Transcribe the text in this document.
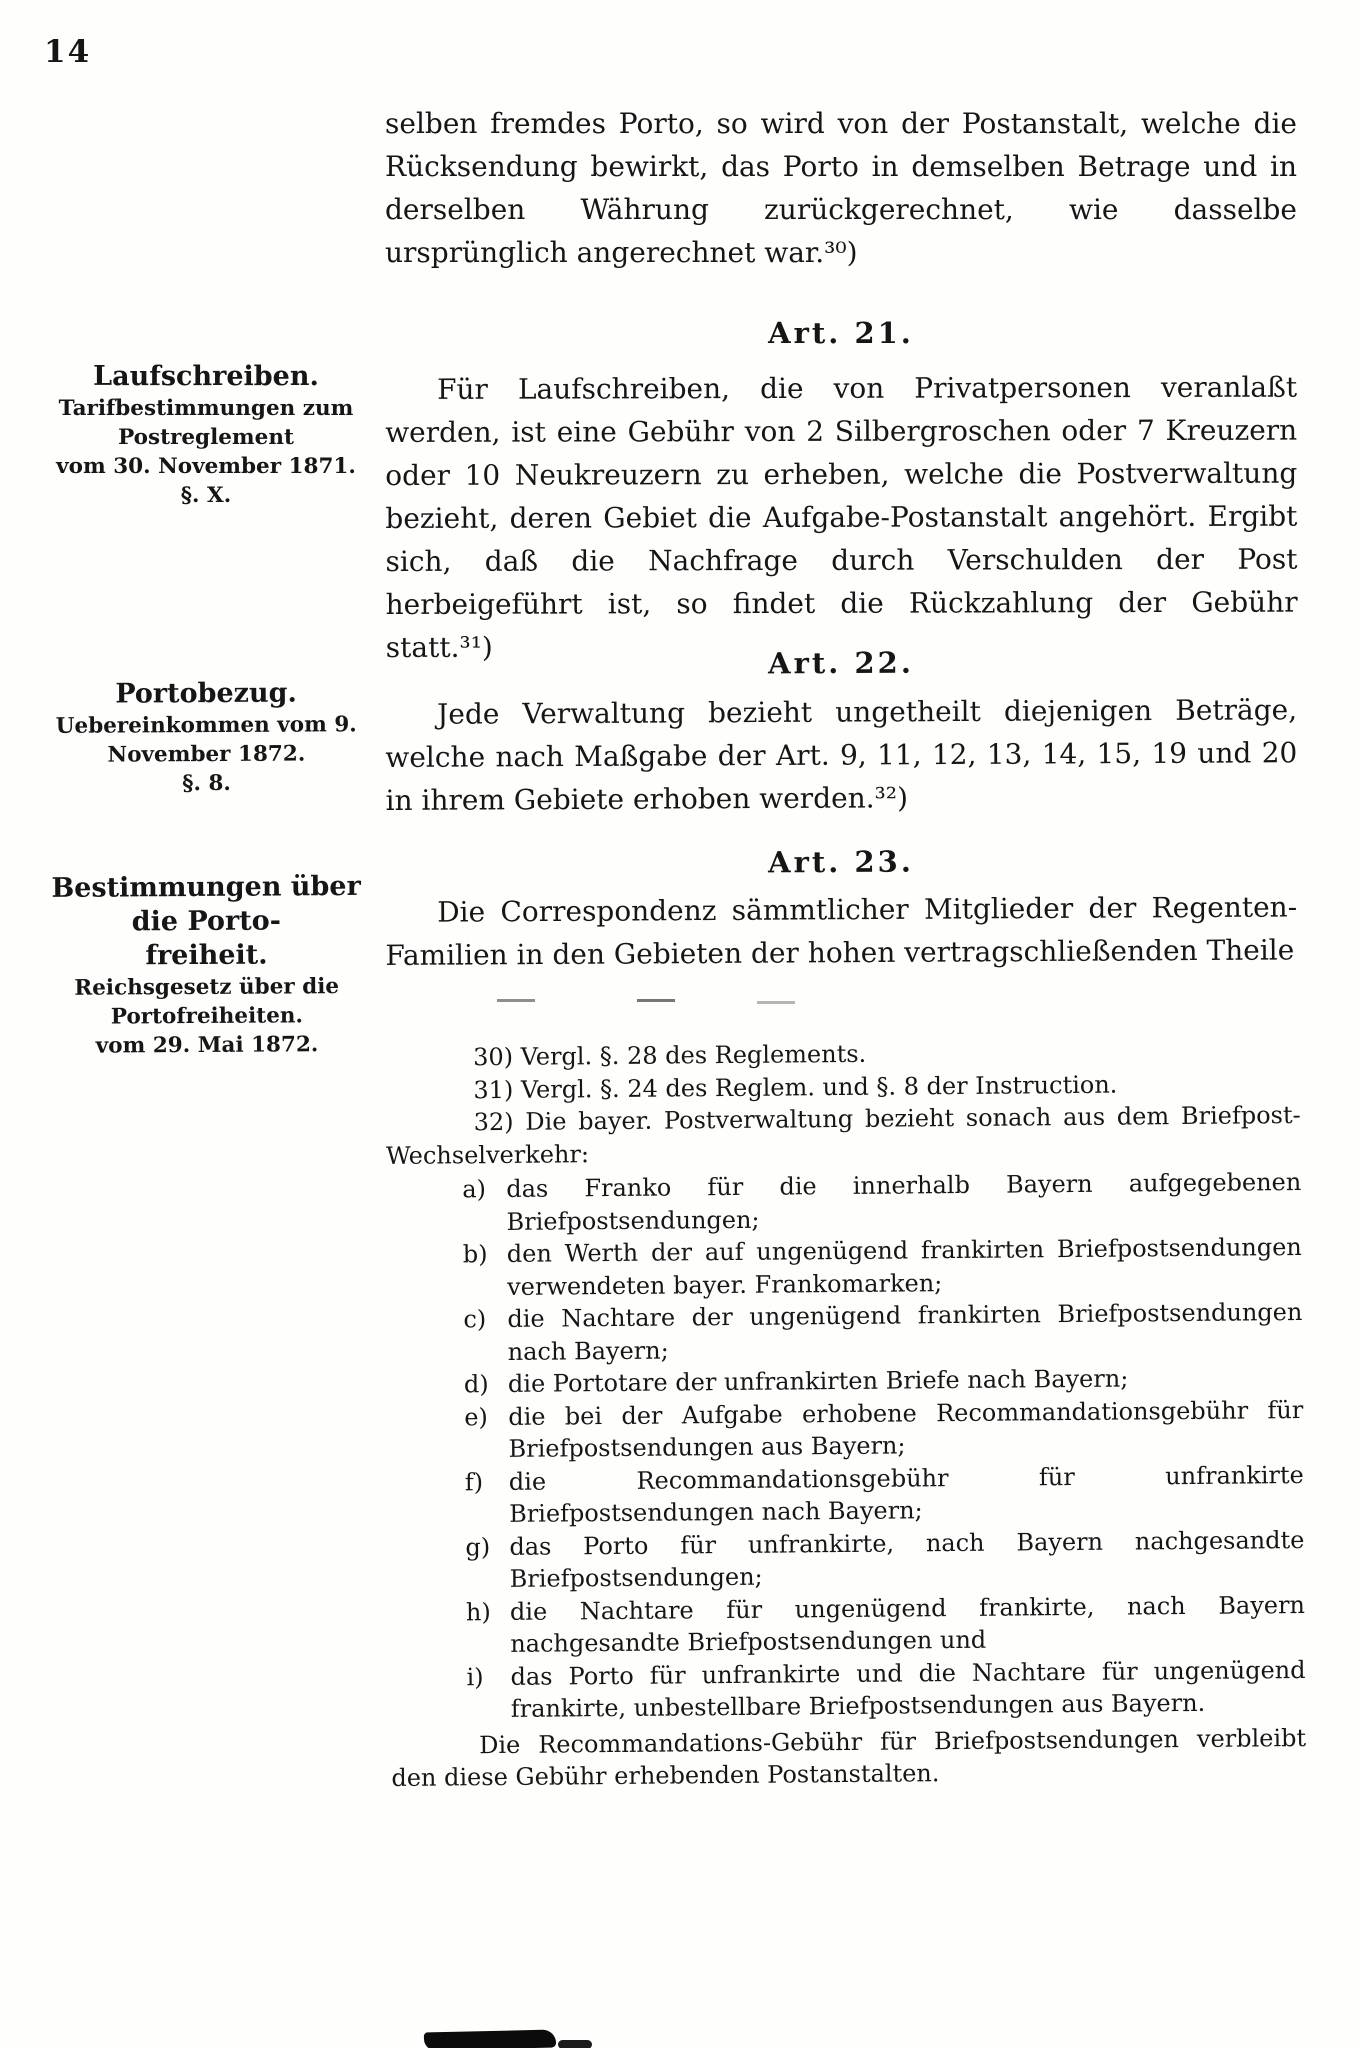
14
selben fremdes Porto, so wird von der Postanstalt, welche die Rücksendung bewirkt, das Porto in demselben Betrage und in derselben Währung zurückgerechnet, wie dasselbe ursprünglich angerechnet war.³⁰)
Art. 21.
Für Laufschreiben, die von Privatpersonen veranlaßt werden, ist eine Gebühr von 2 Silbergroschen oder 7 Kreuzern oder 10 Neukreuzern zu erheben, welche die Postverwaltung bezieht, deren Gebiet die Aufgabe-Postanstalt angehört. Ergibt sich, daß die Nachfrage durch Verschulden der Post herbeigeführt ist, so findet die Rückzahlung der Gebühr statt.³¹)
Laufschreiben.
Tarifbestimmungen zum Postreglement
vom 30. November 1871.
§. X.
Art. 22.
Jede Verwaltung bezieht ungetheilt diejenigen Beträge, welche nach Maßgabe der Art. 9, 11, 12, 13, 14, 15, 19 und 20 in ihrem Gebiete erhoben werden.³²)
Portobezug.
Uebereinkommen vom 9. November 1872.
§. 8.
Art. 23.
Die Correspondenz sämmtlicher Mitglieder der Regenten-Familien in den Gebieten der hohen vertragschließenden Theile
Bestimmungen über die Porto-
freiheit.
Reichsgesetz über die Portofreiheiten.
vom 29. Mai 1872.	30) Vergl. §. 28 des Reglements.

31) Vergl. §. 24 des Reglem. und §. 8 der Instruction.

32) Die bayer. Postverwaltung bezieht sonach aus dem Briefpost-Wechselverkehr:

a) das Franko für die innerhalb Bayern aufgegebenen Briefpostsendungen;
b) den Werth der auf ungenügend frankirten Briefpostsendungen verwendeten bayer. Frankomarken;
c) die Nachtare der ungenügend frankirten Briefpostsendungen nach Bayern;
d) die Portotare der unfrankirten Briefe nach Bayern;
e) die bei der Aufgabe erhobene Recommandationsgebühr für Briefpostsendungen aus Bayern;
f) die Recommandationsgebühr für unfrankirte Briefpostsendungen nach Bayern;
g) das Porto für unfrankirte, nach Bayern nachgesandte Briefpostsendungen;
h) die Nachtare für ungenügend frankirte, nach Bayern nachgesandte Briefpostsendungen und
i) das Porto für unfrankirte und die Nachtare für ungenügend frankirte, unbestellbare Briefpostsendungen aus Bayern.

Die Recommandations-Gebühr für Briefpostsendungen verbleibt den diese Gebühr erhebenden Postanstalten.
